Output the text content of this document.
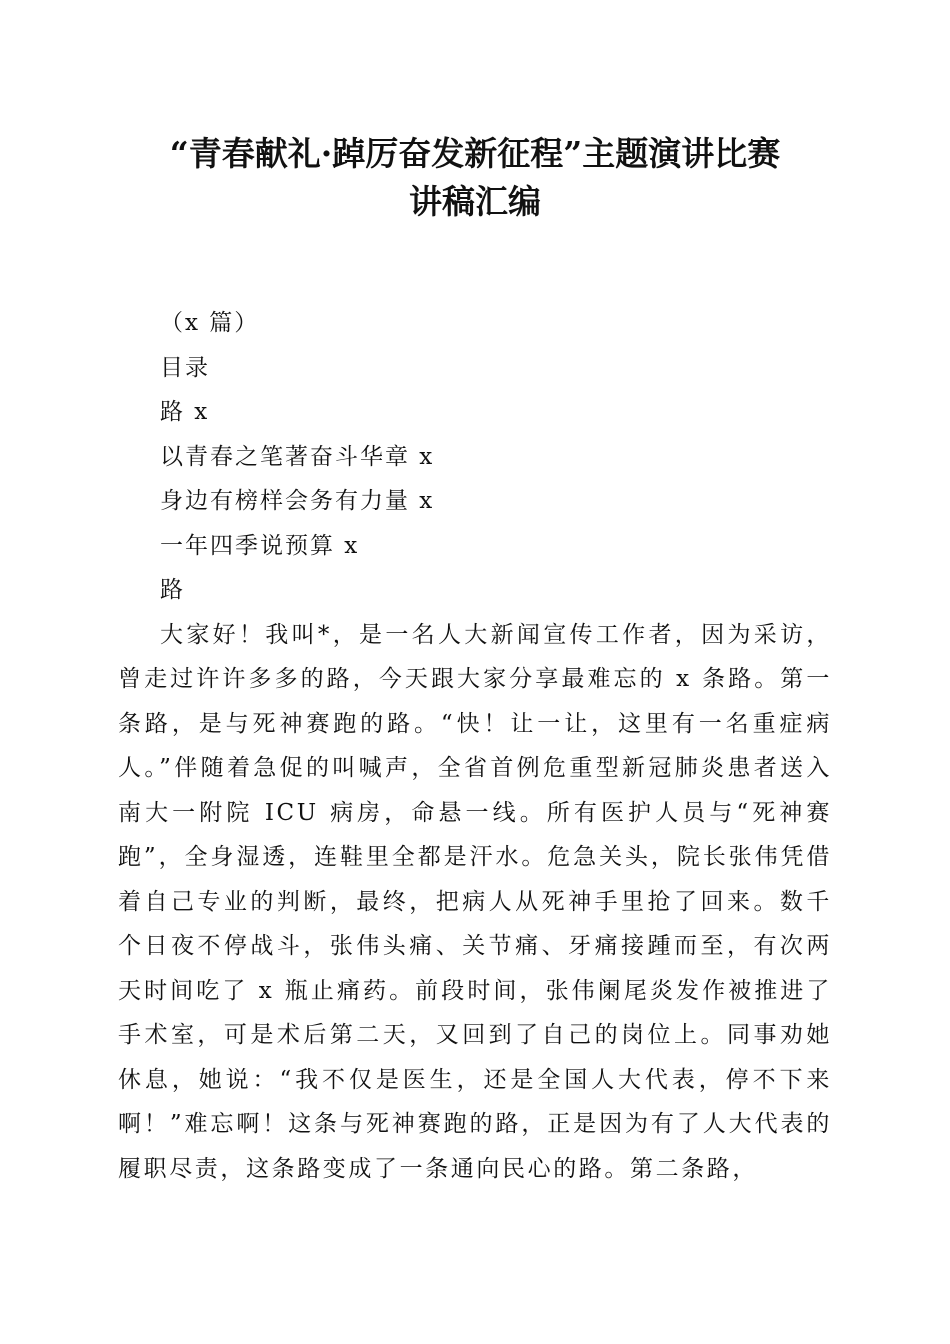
“青春献礼·踔厉奋发新征程”主题演讲比赛
讲稿汇编
（x 篇）
目录
路 x
以青春之笔著奋斗华章 x
身边有榜样会务有力量 x
一年四季说预算 x
路

大家好！我叫*，是一名人大新闻宣传工作者，因为采访，曾走过许许多多的路，今天跟大家分享最难忘的 x 条路。第一条路，是与死神赛跑的路。“快！让一让，这里有一名重症病人。”伴随着急促的叫喊声，全省首例危重型新冠肺炎患者送入南大一附院 ICU 病房，命悬一线。所有医护人员与“死神赛跑”，全身湿透，连鞋里全都是汗水。危急关头，院长张伟凭借着自己专业的判断，最终，把病人从死神手里抢了回来。数千个日夜不停战斗，张伟头痛、关节痛、牙痛接踵而至，有次两天时间吃了 x 瓶止痛药。前段时间，张伟阑尾炎发作被推进了手术室，可是术后第二天，又回到了自己的岗位上。同事劝她休息，她说：“我不仅是医生，还是全国人大代表，停不下来啊！”难忘啊！这条与死神赛跑的路，正是因为有了人大代表的履职尽责，这条路变成了一条通向民心的路。第二条路，
